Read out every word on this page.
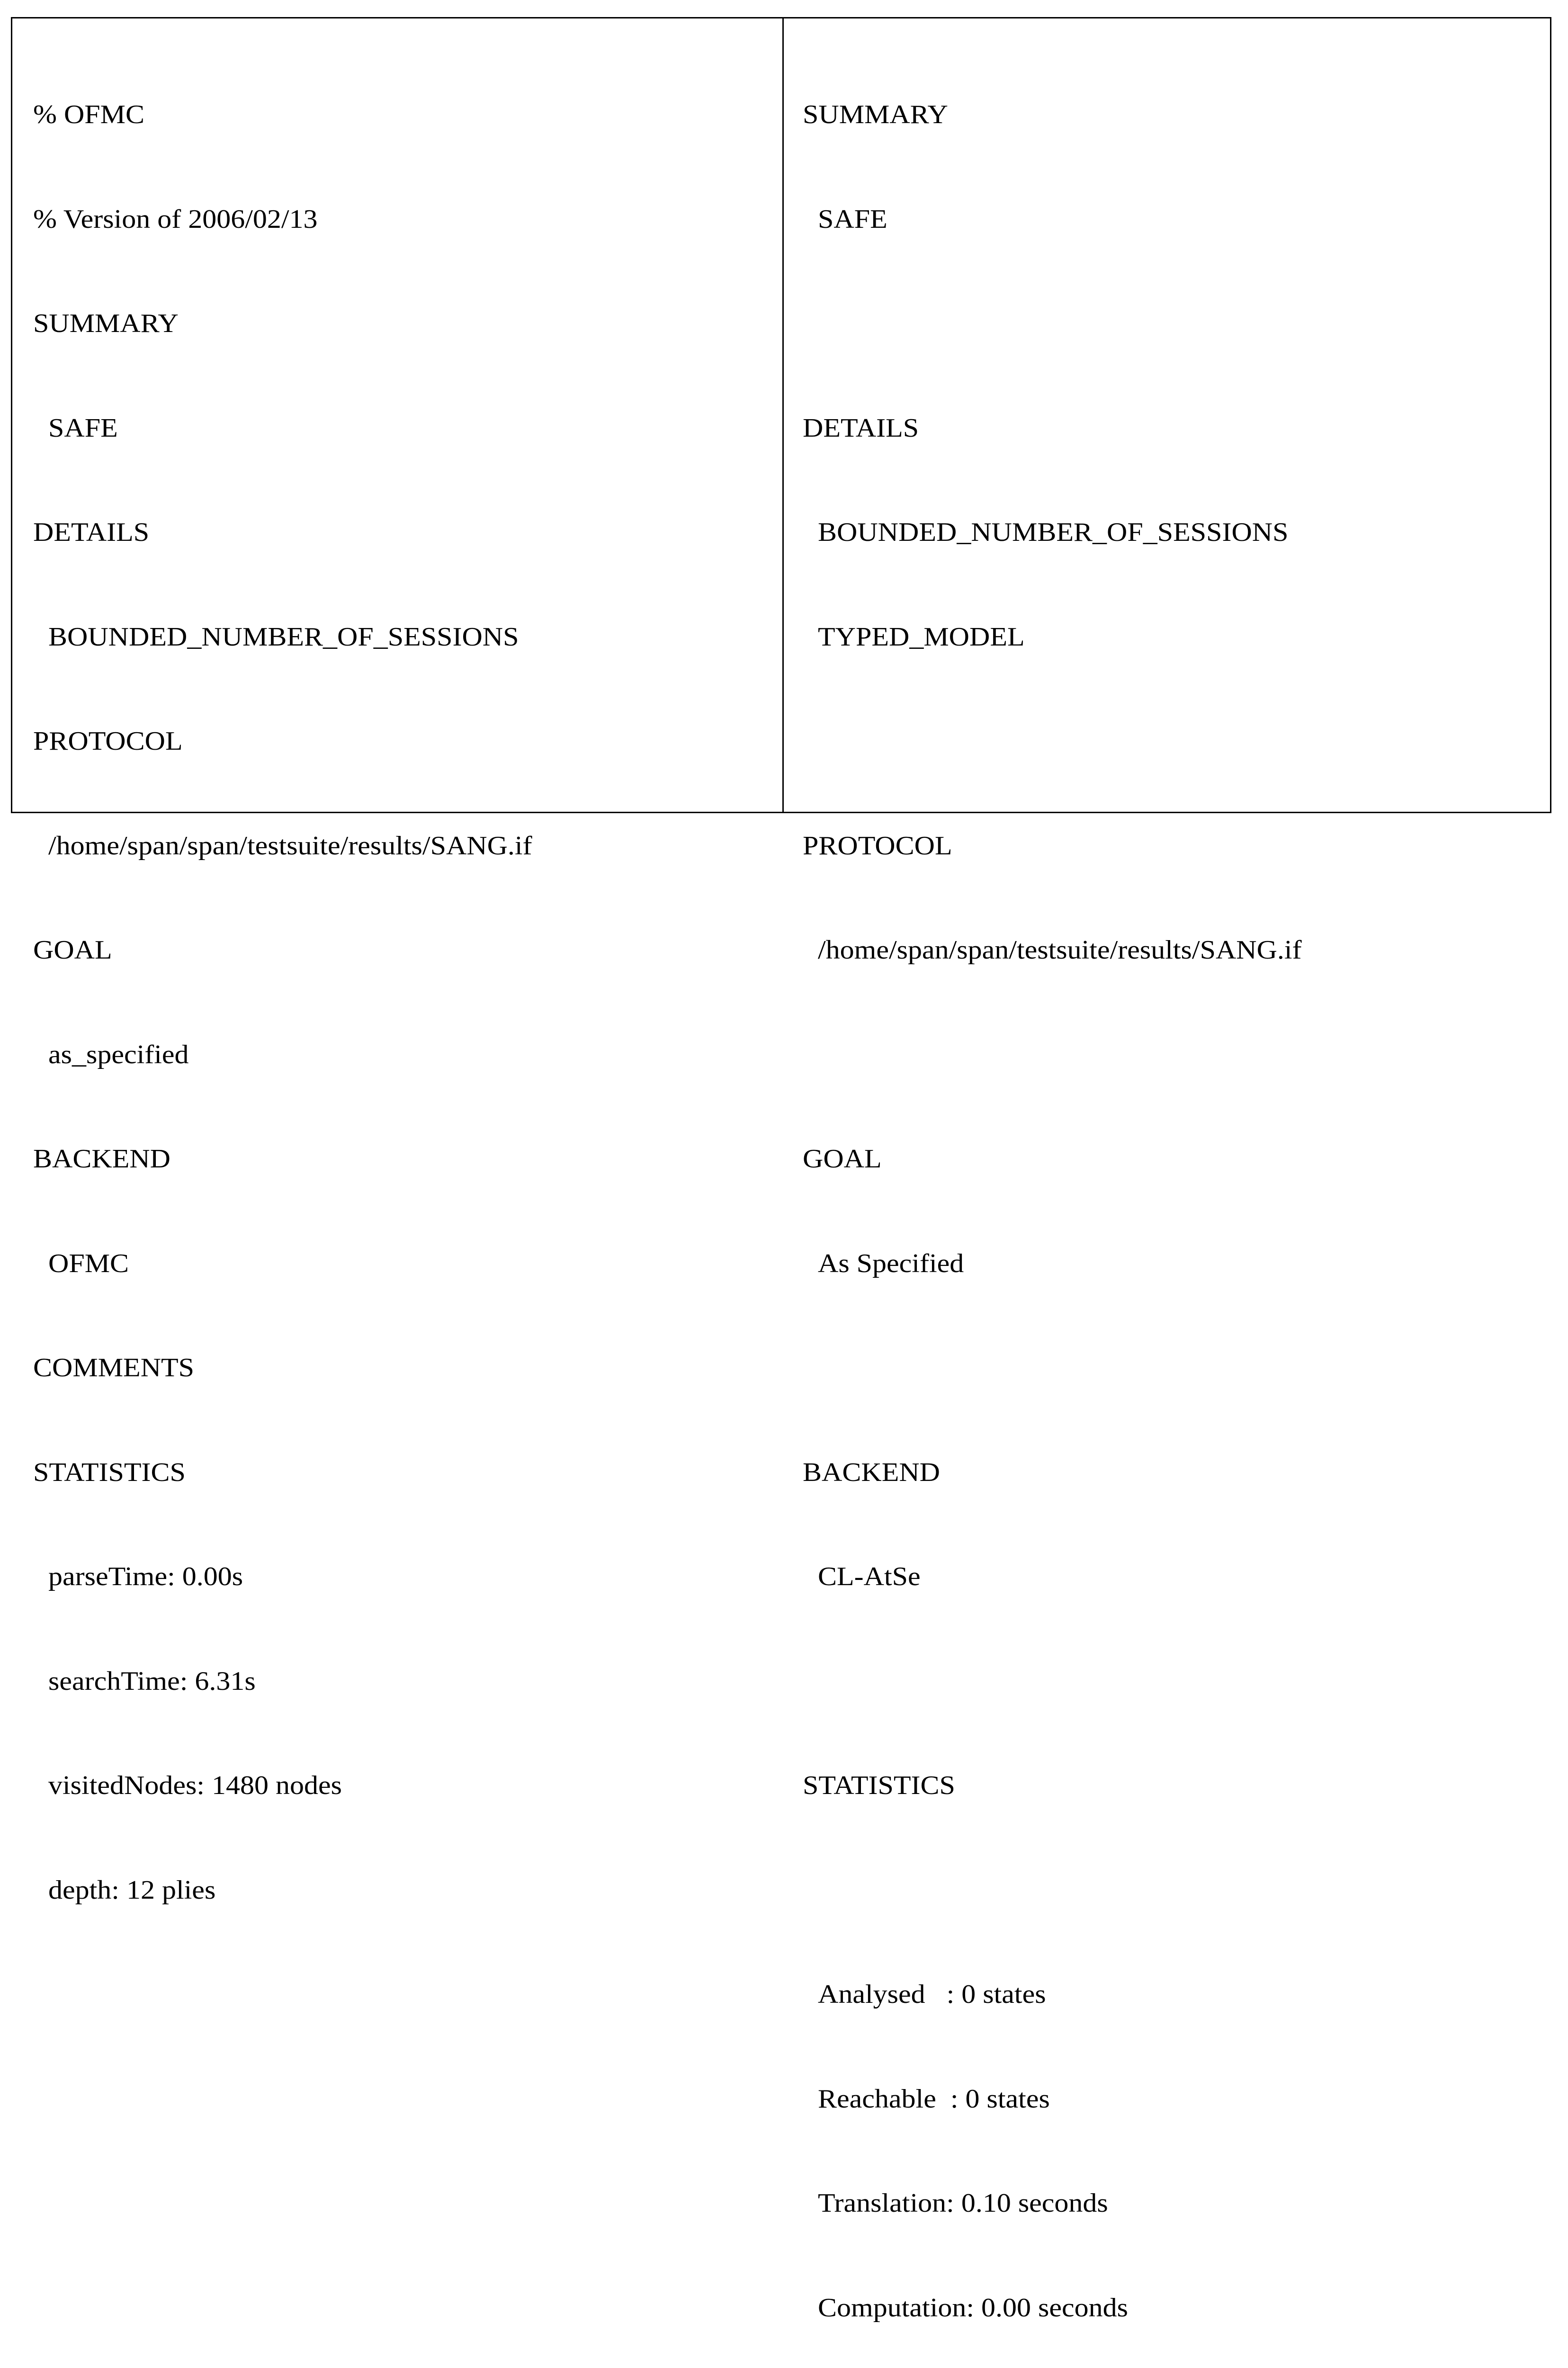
% OFMC

% Version of 2006/02/13

SUMMARY

SAFE

DETAILS

BOUNDED_NUMBER_OF_SESSIONS

PROTOCOL

/home/span/span/testsuite/results/SANG.if

GOAL

as_specified

BACKEND

OFMC

COMMENTS

STATISTICS

parseTime: 0.00s

searchTime: 6.31s

visitedNodes: 1480 nodes

depth: 12 plies

SUMMARY

SAFE

DETAILS

BOUNDED_NUMBER_OF_SESSIONS

TYPED_MODEL

PROTOCOL

/home/span/span/testsuite/results/SANG.if

GOAL

As Specified

BACKEND

CL-AtSe

STATISTICS

Analysed   : 0 states

Reachable  : 0 states

Translation: 0.10 seconds

Computation: 0.00 seconds
